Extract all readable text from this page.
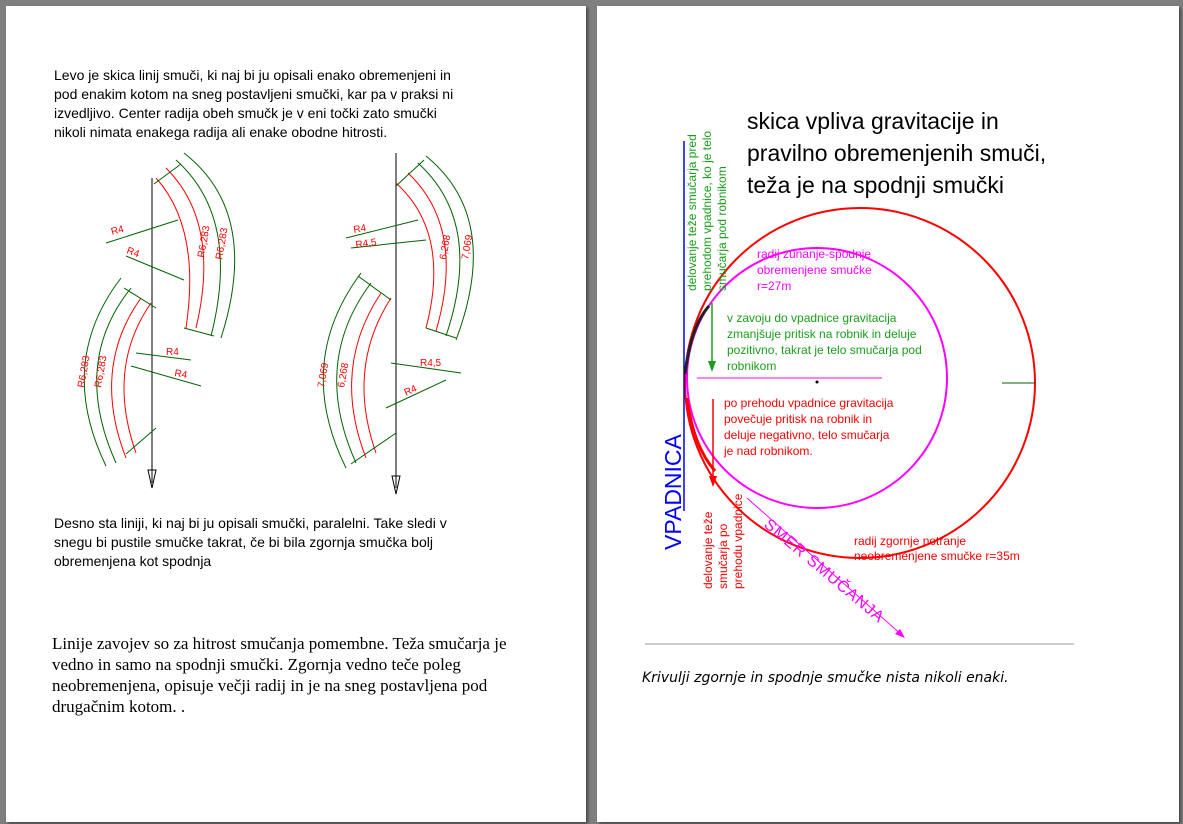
Levo je skica linij smuči, ki naj bi ju opisali enako obremenjeni in
pod enakim kotom na sneg postavljeni smučki, kar pa v praksi ni
izvedljivo. Center radija obeh smučk je v eni točki zato smučki
nikoli nimata enakega radija ali enake obodne hitrosti.
R4
R4	R6,283 R6,283
R4
R4
R6,283 R6,283
R4
R4,5	6,268 7,069
R4,5
R4
7,069 6,268
Desno sta liniji, ki naj bi ju opisali smučki, paralelni. Take sledi v
snegu bi pustile smučke takrat, če bi bila zgornja smučka bolj
obremenjena kot spodnja
Linije zavojev so za hitrost smučanja pomembne. Teža smučarja je
vedno in samo na spodnji smučki. Zgornja vedno teče poleg
neobremenjena, opisuje večji radij in je na sneg postavljena pod
drugačnim kotom. .
skica vpliva gravitacije in
pravilno obremenjenih smuči,
teža je na spodnji smučki
delovanje teže smučarja pred prehodom vpadnice, ko je telo smučarja pod robnikom
delovanje teže smučarja po prehodu vpadnice
VPADNICA
SMER SMUČANJA
radij zunanje-spodnje
obremenjene smučke
r=27m
v zavoju do vpadnice gravitacija
zmanjšuje pritisk na robnik in deluje
pozitivno, takrat je telo smučarja pod
robnikom
po prehodu vpadnice gravitacija
povečuje pritisk na robnik in
deluje negativno, telo smučarja
je nad robnikom.
radij zgornje notranje
neobremenjene smučke r=35m
Krivulji zgornje in spodnje smučke nista nikoli enaki.
